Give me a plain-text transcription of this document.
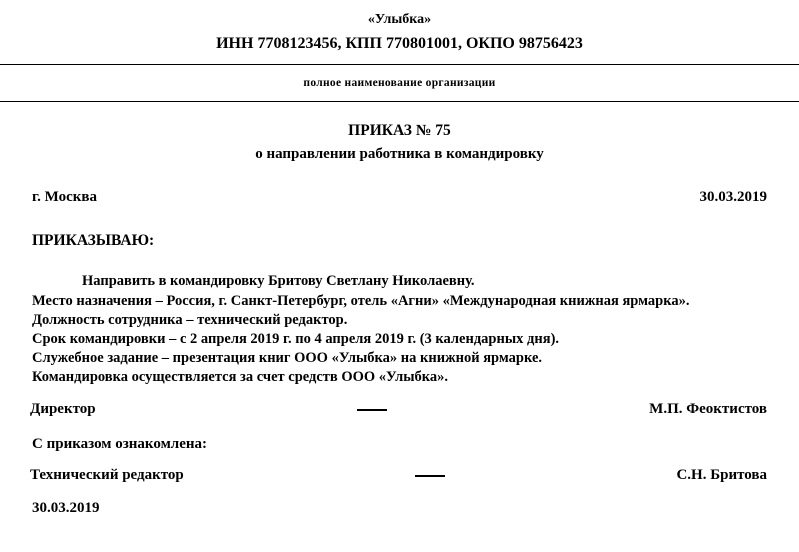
«Улыбка»
ИНН 7708123456, КПП 770801001, ОКПО 98756423
полное наименование организации
ПРИКАЗ № 75
о направлении работника в командировку
г. Москва	30.03.2019
ПРИКАЗЫВАЮ:
Направить в командировку Бритову Светлану Николаевну.
Место назначения – Россия, г. Санкт-Петербург, отель «Агни» «Международная книжная ярмарка».
Должность сотрудника – технический редактор.
Срок командировки – с 2 апреля 2019 г. по 4 апреля 2019 г. (3 календарных дня).
Служебное задание – презентация книг ООО «Улыбка» на книжной ярмарке.
Командировка осуществляется за счет средств ООО «Улыбка».
Директор	М.П. Феоктистов
С приказом ознакомлена:
Технический редактор	С.Н. Бритова
30.03.2019
